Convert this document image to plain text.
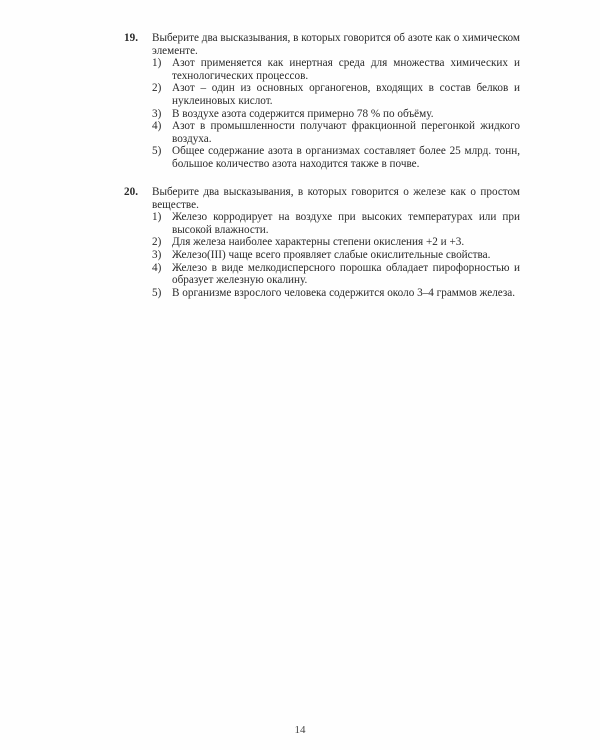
19.	Выберите два высказывания, в которых говорится об азоте как о химическом элементе.
1) Азот применяется как инертная среда для множества химических и технологических процессов.
2) Азот – один из основных органогенов, входящих в состав белков и нуклеиновых кислот.
3) В воздухе азота содержится примерно 78 % по объёму.
4) Азот в промышленности получают фракционной перегонкой жидкого воздуха.
5) Общее содержание азота в организмах составляет более 25 млрд. тонн, большое количество азота находится также в почве.
20.	Выберите два высказывания, в которых говорится о железе как о простом веществе.
1) Железо корродирует на воздухе при высоких температурах или при высокой влажности.
2) Для железа наиболее характерны степени окисления +2 и +3.
3) Железо(III) чаще всего проявляет слабые окислительные свойства.
4) Железо в виде мелкодисперсного порошка обладает пирофорностью и образует железную окалину.
5) В организме взрослого человека содержится около 3–4 граммов железа.
14
